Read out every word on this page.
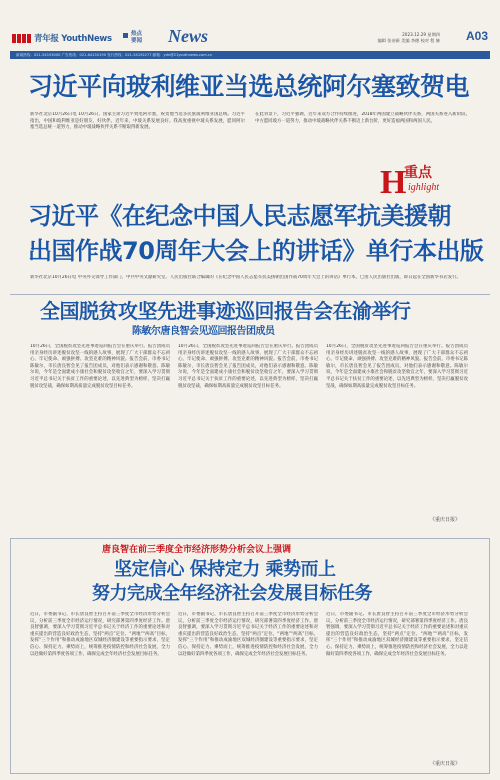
青年报 YouthNews	热点
要闻 News	2023.12.29 星期四
编辑 张帝新 美编 李德 校对 程 赫 A03
新闻热线：021-54193000 广告热线：021-64150190 发行热线：021-54192277 邮箱：ydn@21youthnews.com.cn
习近平向玻利维亚当选总统阿尔塞致贺电
新华社北京10月26日电 10月26日，国家主席习近平致电阿尔塞，祝贺他当选多民族玻利维亚国总统。习近平指出，中国和玻利维亚是好朋友、好伙伴。近年来，中玻关系发展良好。我高度重视中玻关系发展，愿同阿尔塞当选总统一道努力，推动中玻战略伙伴关系不断取得新发展。
在此背景下，习近平强调，近年来双方合作持续推进，2018年两国建立战略伙伴关系，两国关系进入新阶段。中方愿同玻方一道努力，推动中玻战略伙伴关系不断迈上新台阶，更好造福两国和两国人民。
H
重点
ighlight
习近平《在纪念中国人民志愿军抗美援朝
出国作战70周年大会上的讲话》单行本出版
新华社北京10月26日电 中央外交领导工作部门、中共中央文献研究室、人民出版社联合编辑的《在纪念中国人民志愿军抗美援朝出国作战70周年大会上的讲话》单行本，已由人民出版社出版，即日起在全国新华书店发行。
全国脱贫攻坚先进事迹巡回报告会在渝举行
陈敏尔唐良智会见巡回报告团成员
10月26日，全国脱贫攻坚先进事迹巡回报告会在重庆举行。报告团成员用亲身经历讲述脱贫攻坚一线的感人故事，展现了广大干部群众不忘初心、牢记使命、顽强拼搏、攻坚克难的精神风貌。报告会前，市委书记陈敏尔，市长唐良智会见了报告团成员，对他们表示感谢和敬意。陈敏尔说，今年是全面建成小康社会和脱贫攻坚收官之年，要深入学习贯彻习近平总书记关于扶贫工作的重要论述，以先进典型为榜样，坚决打赢脱贫攻坚战，确保如期高质量完成脱贫攻坚目标任务。
10月26日，全国脱贫攻坚先进事迹巡回报告会在重庆举行。报告团成员用亲身经历讲述脱贫攻坚一线的感人故事，展现了广大干部群众不忘初心、牢记使命、顽强拼搏、攻坚克难的精神风貌。报告会前，市委书记陈敏尔，市长唐良智会见了报告团成员，对他们表示感谢和敬意。陈敏尔说，今年是全面建成小康社会和脱贫攻坚收官之年，要深入学习贯彻习近平总书记关于扶贫工作的重要论述，以先进典型为榜样，坚决打赢脱贫攻坚战，确保如期高质量完成脱贫攻坚目标任务。
10月26日，全国脱贫攻坚先进事迹巡回报告会在重庆举行。报告团成员用亲身经历讲述脱贫攻坚一线的感人故事，展现了广大干部群众不忘初心、牢记使命、顽强拼搏、攻坚克难的精神风貌。报告会前，市委书记陈敏尔，市长唐良智会见了报告团成员，对他们表示感谢和敬意。陈敏尔说，今年是全面建成小康社会和脱贫攻坚收官之年，要深入学习贯彻习近平总书记关于扶贫工作的重要论述，以先进典型为榜样，坚决打赢脱贫攻坚战，确保如期高质量完成脱贫攻坚目标任务。
《重庆日报》
唐良智在前三季度全市经济形势分析会议上强调
坚定信心 保持定力 乘势而上
努力完成全年经济社会发展目标任务
近日，市委副书记、市长唐良智主持召开前三季度全市经济形势分析会议，分析前三季度全市经济运行情况，研究部署第四季度经济工作。唐良智强调，要深入学习贯彻习近平总书记关于经济工作的重要论述和对重庆提出的营造良好政治生态，坚持“两点”定位、“两地”“两高”目标，发挥“三个作用”和推动成渝地区双城经济圈建设等重要指示要求，坚定信心、保持定力、乘势而上，统筹推进疫情防控和经济社会发展，全力以赴做好第四季度各项工作，确保完成全年经济社会发展目标任务。
近日，市委副书记、市长唐良智主持召开前三季度全市经济形势分析会议，分析前三季度全市经济运行情况，研究部署第四季度经济工作。唐良智强调，要深入学习贯彻习近平总书记关于经济工作的重要论述和对重庆提出的营造良好政治生态，坚持“两点”定位、“两地”“两高”目标，发挥“三个作用”和推动成渝地区双城经济圈建设等重要指示要求，坚定信心、保持定力、乘势而上，统筹推进疫情防控和经济社会发展，全力以赴做好第四季度各项工作，确保完成全年经济社会发展目标任务。
近日，市委副书记、市长唐良智主持召开前三季度全市经济形势分析会议，分析前三季度全市经济运行情况，研究部署第四季度经济工作。唐良智强调，要深入学习贯彻习近平总书记关于经济工作的重要论述和对重庆提出的营造良好政治生态，坚持“两点”定位、“两地”“两高”目标，发挥“三个作用”和推动成渝地区双城经济圈建设等重要指示要求，坚定信心、保持定力、乘势而上，统筹推进疫情防控和经济社会发展，全力以赴做好第四季度各项工作，确保完成全年经济社会发展目标任务。
《重庆日报》
